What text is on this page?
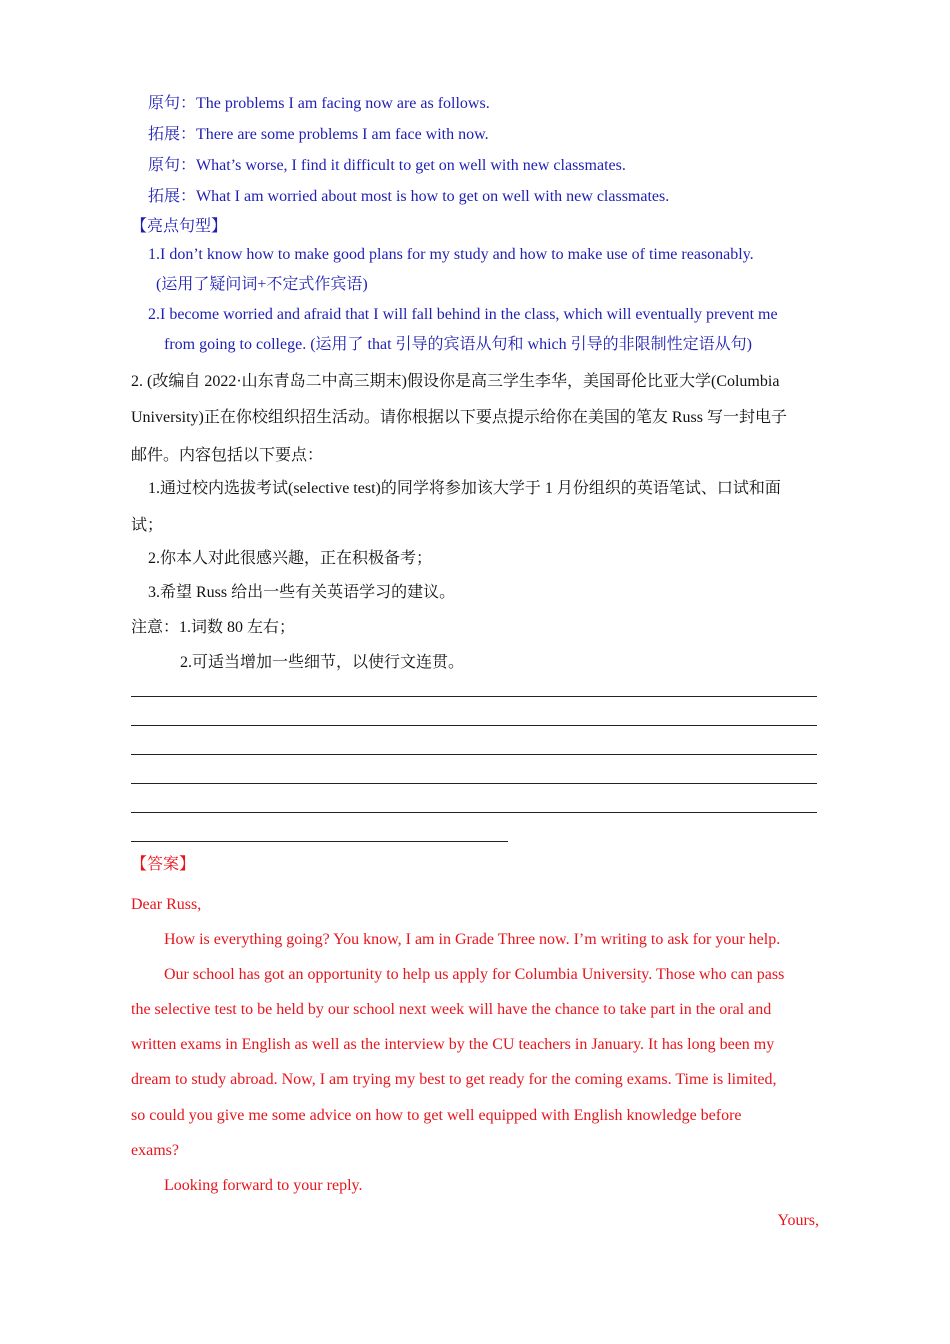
原句：The problems I am facing now are as follows.
拓展：There are some problems I am face with now.
原句：What’s worse, I find it difficult to get on well with new classmates.
拓展：What I am worried about most is how to get on well with new classmates.
【亮点句型】
1.I don’t know how to make good plans for my study and how to make use of time reasonably.
(运用了疑问词+不定式作宾语)
2.I become worried and afraid that I will fall behind in the class, which will eventually prevent me
from going to college. (运用了 that 引导的宾语从句和 which 引导的非限制性定语从句)
2. (改编自 2022·山东青岛二中高三期末)假设你是高三学生李华，美国哥伦比亚大学(Columbia
University)正在你校组织招生活动。请你根据以下要点提示给你在美国的笔友 Russ 写一封电子
邮件。内容包括以下要点：
1.通过校内选拔考试(selective test)的同学将参加该大学于 1 月份组织的英语笔试、口试和面
试；
2.你本人对此很感兴趣，正在积极备考；
3.希望 Russ 给出一些有关英语学习的建议。
注意：1.词数 80 左右；
2.可适当增加一些细节，以使行文连贯。
【答案】
Dear Russ,
How is everything going? You know, I am in Grade Three now. I’m writing to ask for your help.
Our school has got an opportunity to help us apply for Columbia University. Those who can pass
the selective test to be held by our school next week will have the chance to take part in the oral and
written exams in English as well as the interview by the CU teachers in January. It has long been my
dream to study abroad. Now, I am trying my best to get ready for the coming exams. Time is limited,
so could you give me some advice on how to get well equipped with English knowledge before
exams?
Looking forward to your reply.
Yours,
